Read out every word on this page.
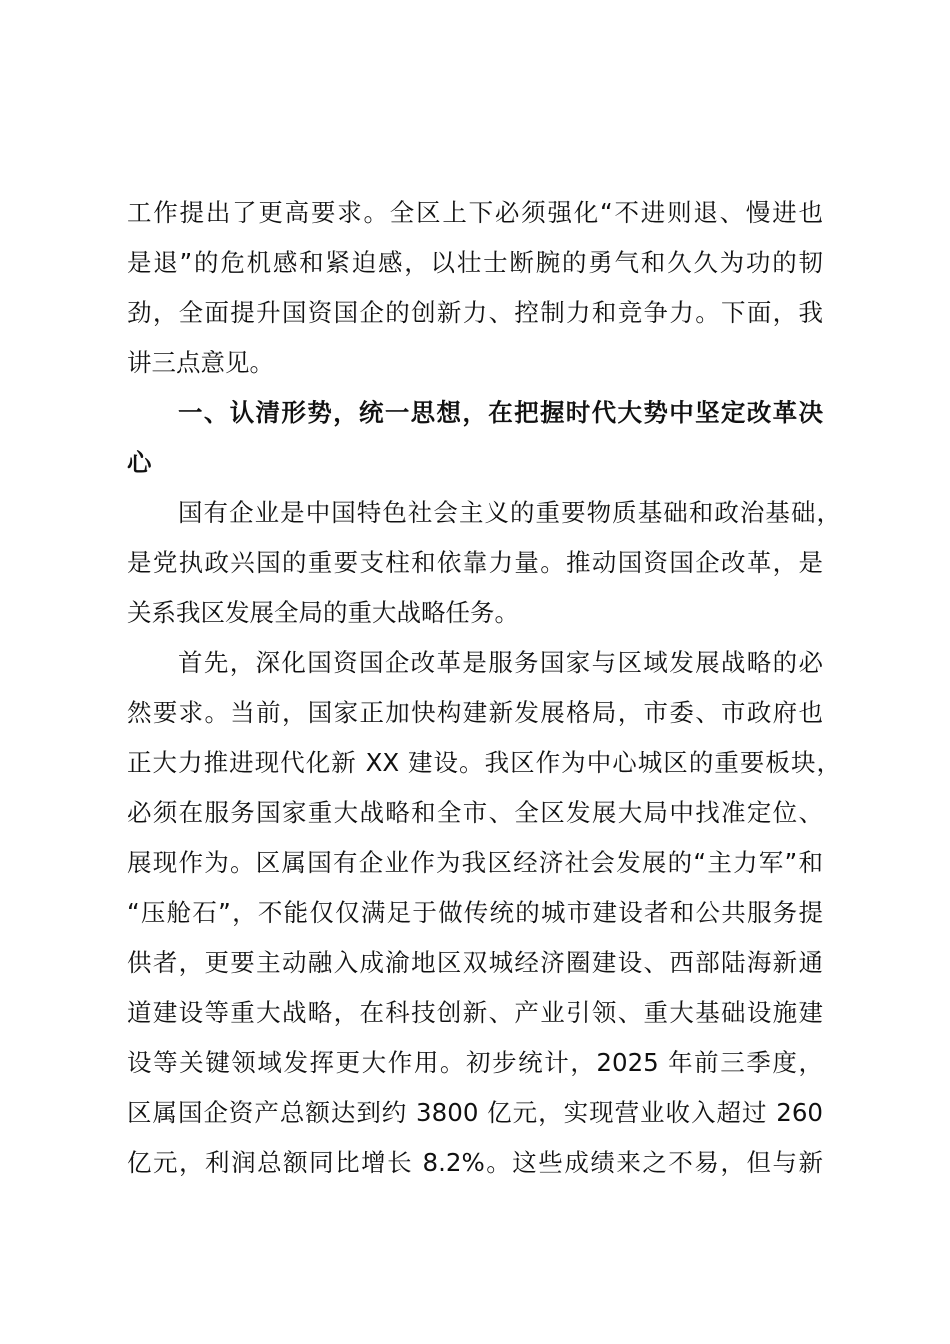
工作提出了更高要求。全区上下必须强化“不进则退、慢进也
是退”的危机感和紧迫感，以壮士断腕的勇气和久久为功的韧
劲，全面提升国资国企的创新力、控制力和竞争力。下面，我
讲三点意见。
一、认清形势，统一思想，在把握时代大势中坚定改革决
心
国有企业是中国特色社会主义的重要物质基础和政治基础，
是党执政兴国的重要支柱和依靠力量。推动国资国企改革，是
关系我区发展全局的重大战略任务。
首先，深化国资国企改革是服务国家与区域发展战略的必
然要求。当前，国家正加快构建新发展格局，市委、市政府也
正大力推进现代化新 XX 建设。我区作为中心城区的重要板块，
必须在服务国家重大战略和全市、全区发展大局中找准定位、
展现作为。区属国有企业作为我区经济社会发展的“主力军”和
“压舱石”，不能仅仅满足于做传统的城市建设者和公共服务提
供者，更要主动融入成渝地区双城经济圈建设、西部陆海新通
道建设等重大战略，在科技创新、产业引领、重大基础设施建
设等关键领域发挥更大作用。初步统计，2025 年前三季度，
区属国企资产总额达到约 3800 亿元，实现营业收入超过 260
亿元，利润总额同比增长 8.2%。这些成绩来之不易，但与新
